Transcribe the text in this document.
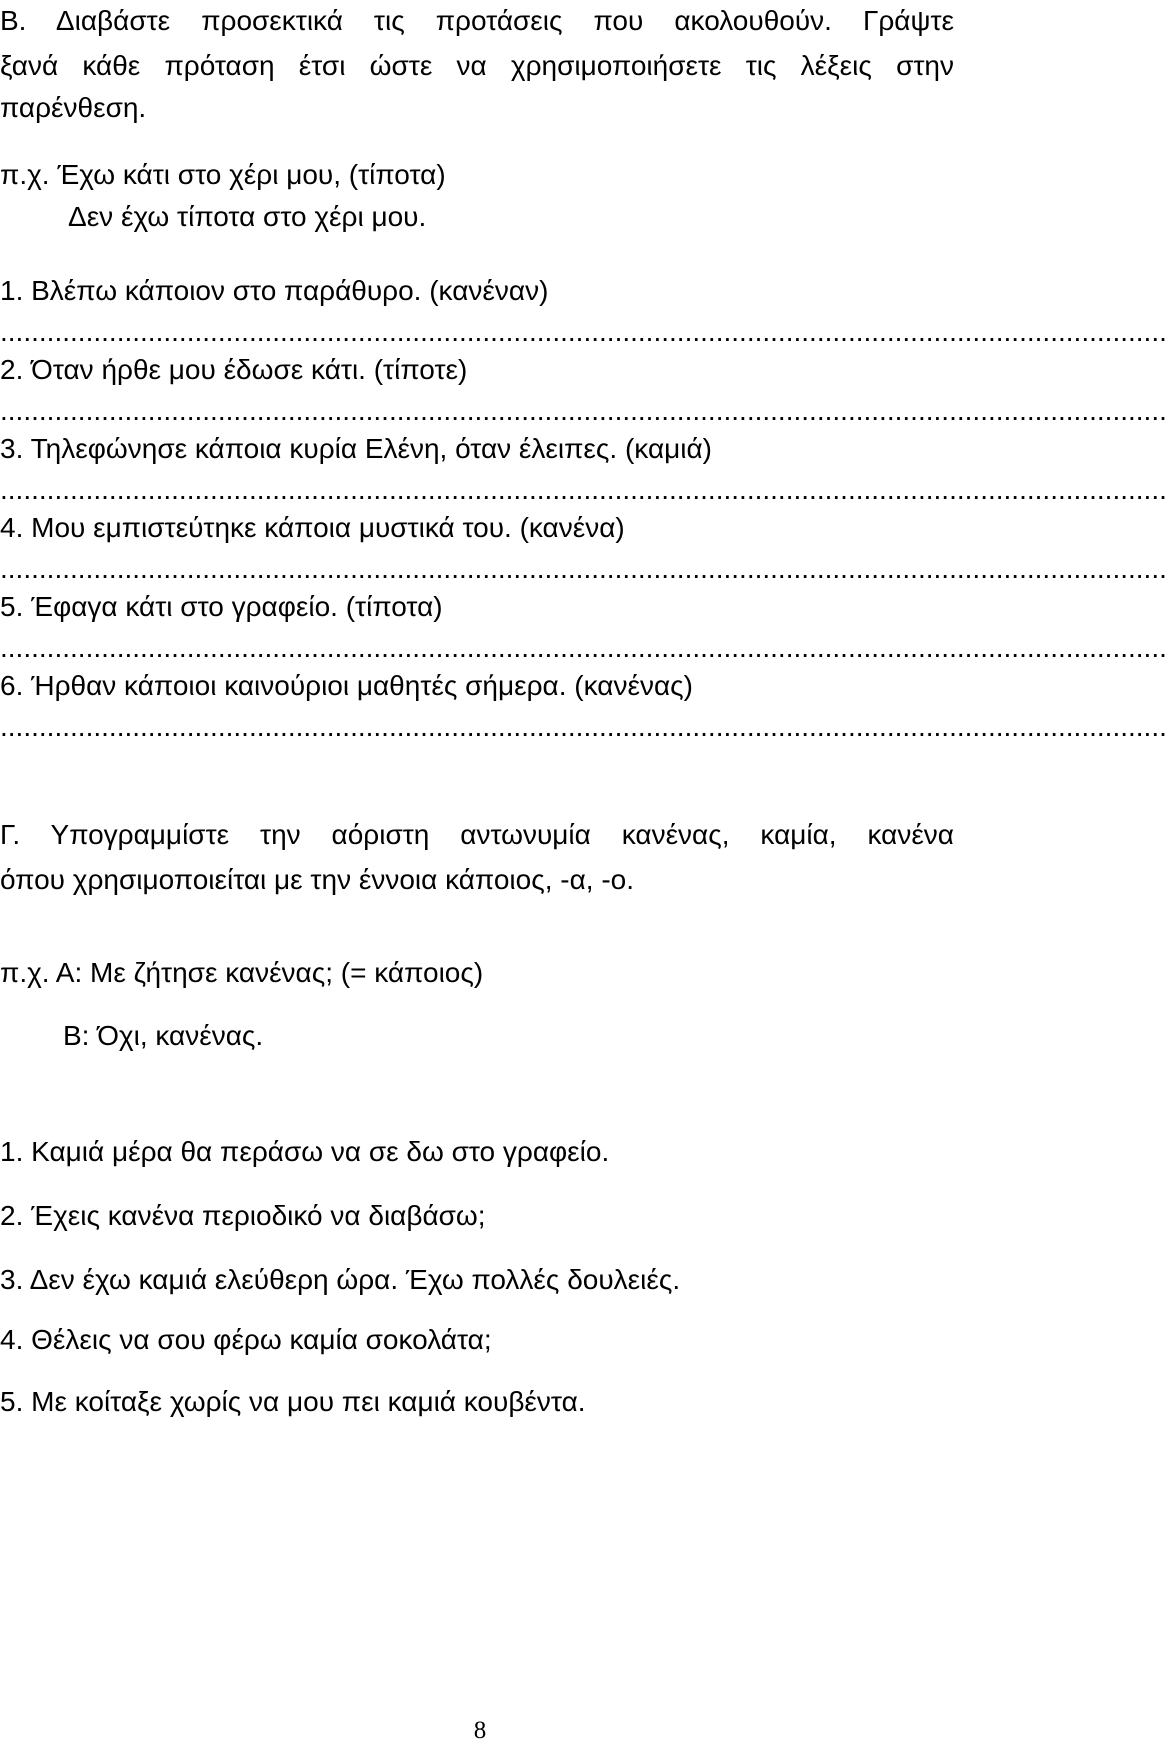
Β. Διαβάστε προσεκτικά τις προτάσεις που ακολουθούν. Γράψτε
ξανά κάθε πρόταση έτσι ώστε να χρησιμοποιήσετε τις λέξεις στην
παρένθεση.
π.χ. Έχω κάτι στο χέρι μου, (τίποτα)
Δεν έχω τίποτα στο χέρι μου.
1. Βλέπω κάποιον στο παράθυρο. (κανέναν)
......................................................................................................................................................
2. Όταν ήρθε μου έδωσε κάτι. (τίποτε)
......................................................................................................................................................
3. Τηλεφώνησε κάποια κυρία Ελένη, όταν έλειπες. (καμιά)
......................................................................................................................................................
4. Μου εμπιστεύτηκε κάποια μυστικά του. (κανένα)
......................................................................................................................................................
5. Έφαγα κάτι στο γραφείο. (τίποτα)
......................................................................................................................................................
6. Ήρθαν κάποιοι καινούριοι μαθητές σήμερα. (κανένας)
......................................................................................................................................................
Γ. Υπογραμμίστε την αόριστη αντωνυμία κανένας, καμία, κανένα
όπου χρησιμοποιείται με την έννοια κάποιος, -α, -ο.
π.χ. Α: Με ζήτησε κανένας; (= κάποιος)
Β: Όχι, κανένας.
1. Καμιά μέρα θα περάσω να σε δω στο γραφείο.
2. Έχεις κανένα περιοδικό να διαβάσω;
3. Δεν έχω καμιά ελεύθερη ώρα. Έχω πολλές δουλειές.
4. Θέλεις να σου φέρω καμία σοκολάτα;
5. Με κοίταξε χωρίς να μου πει καμιά κουβέντα.
8
